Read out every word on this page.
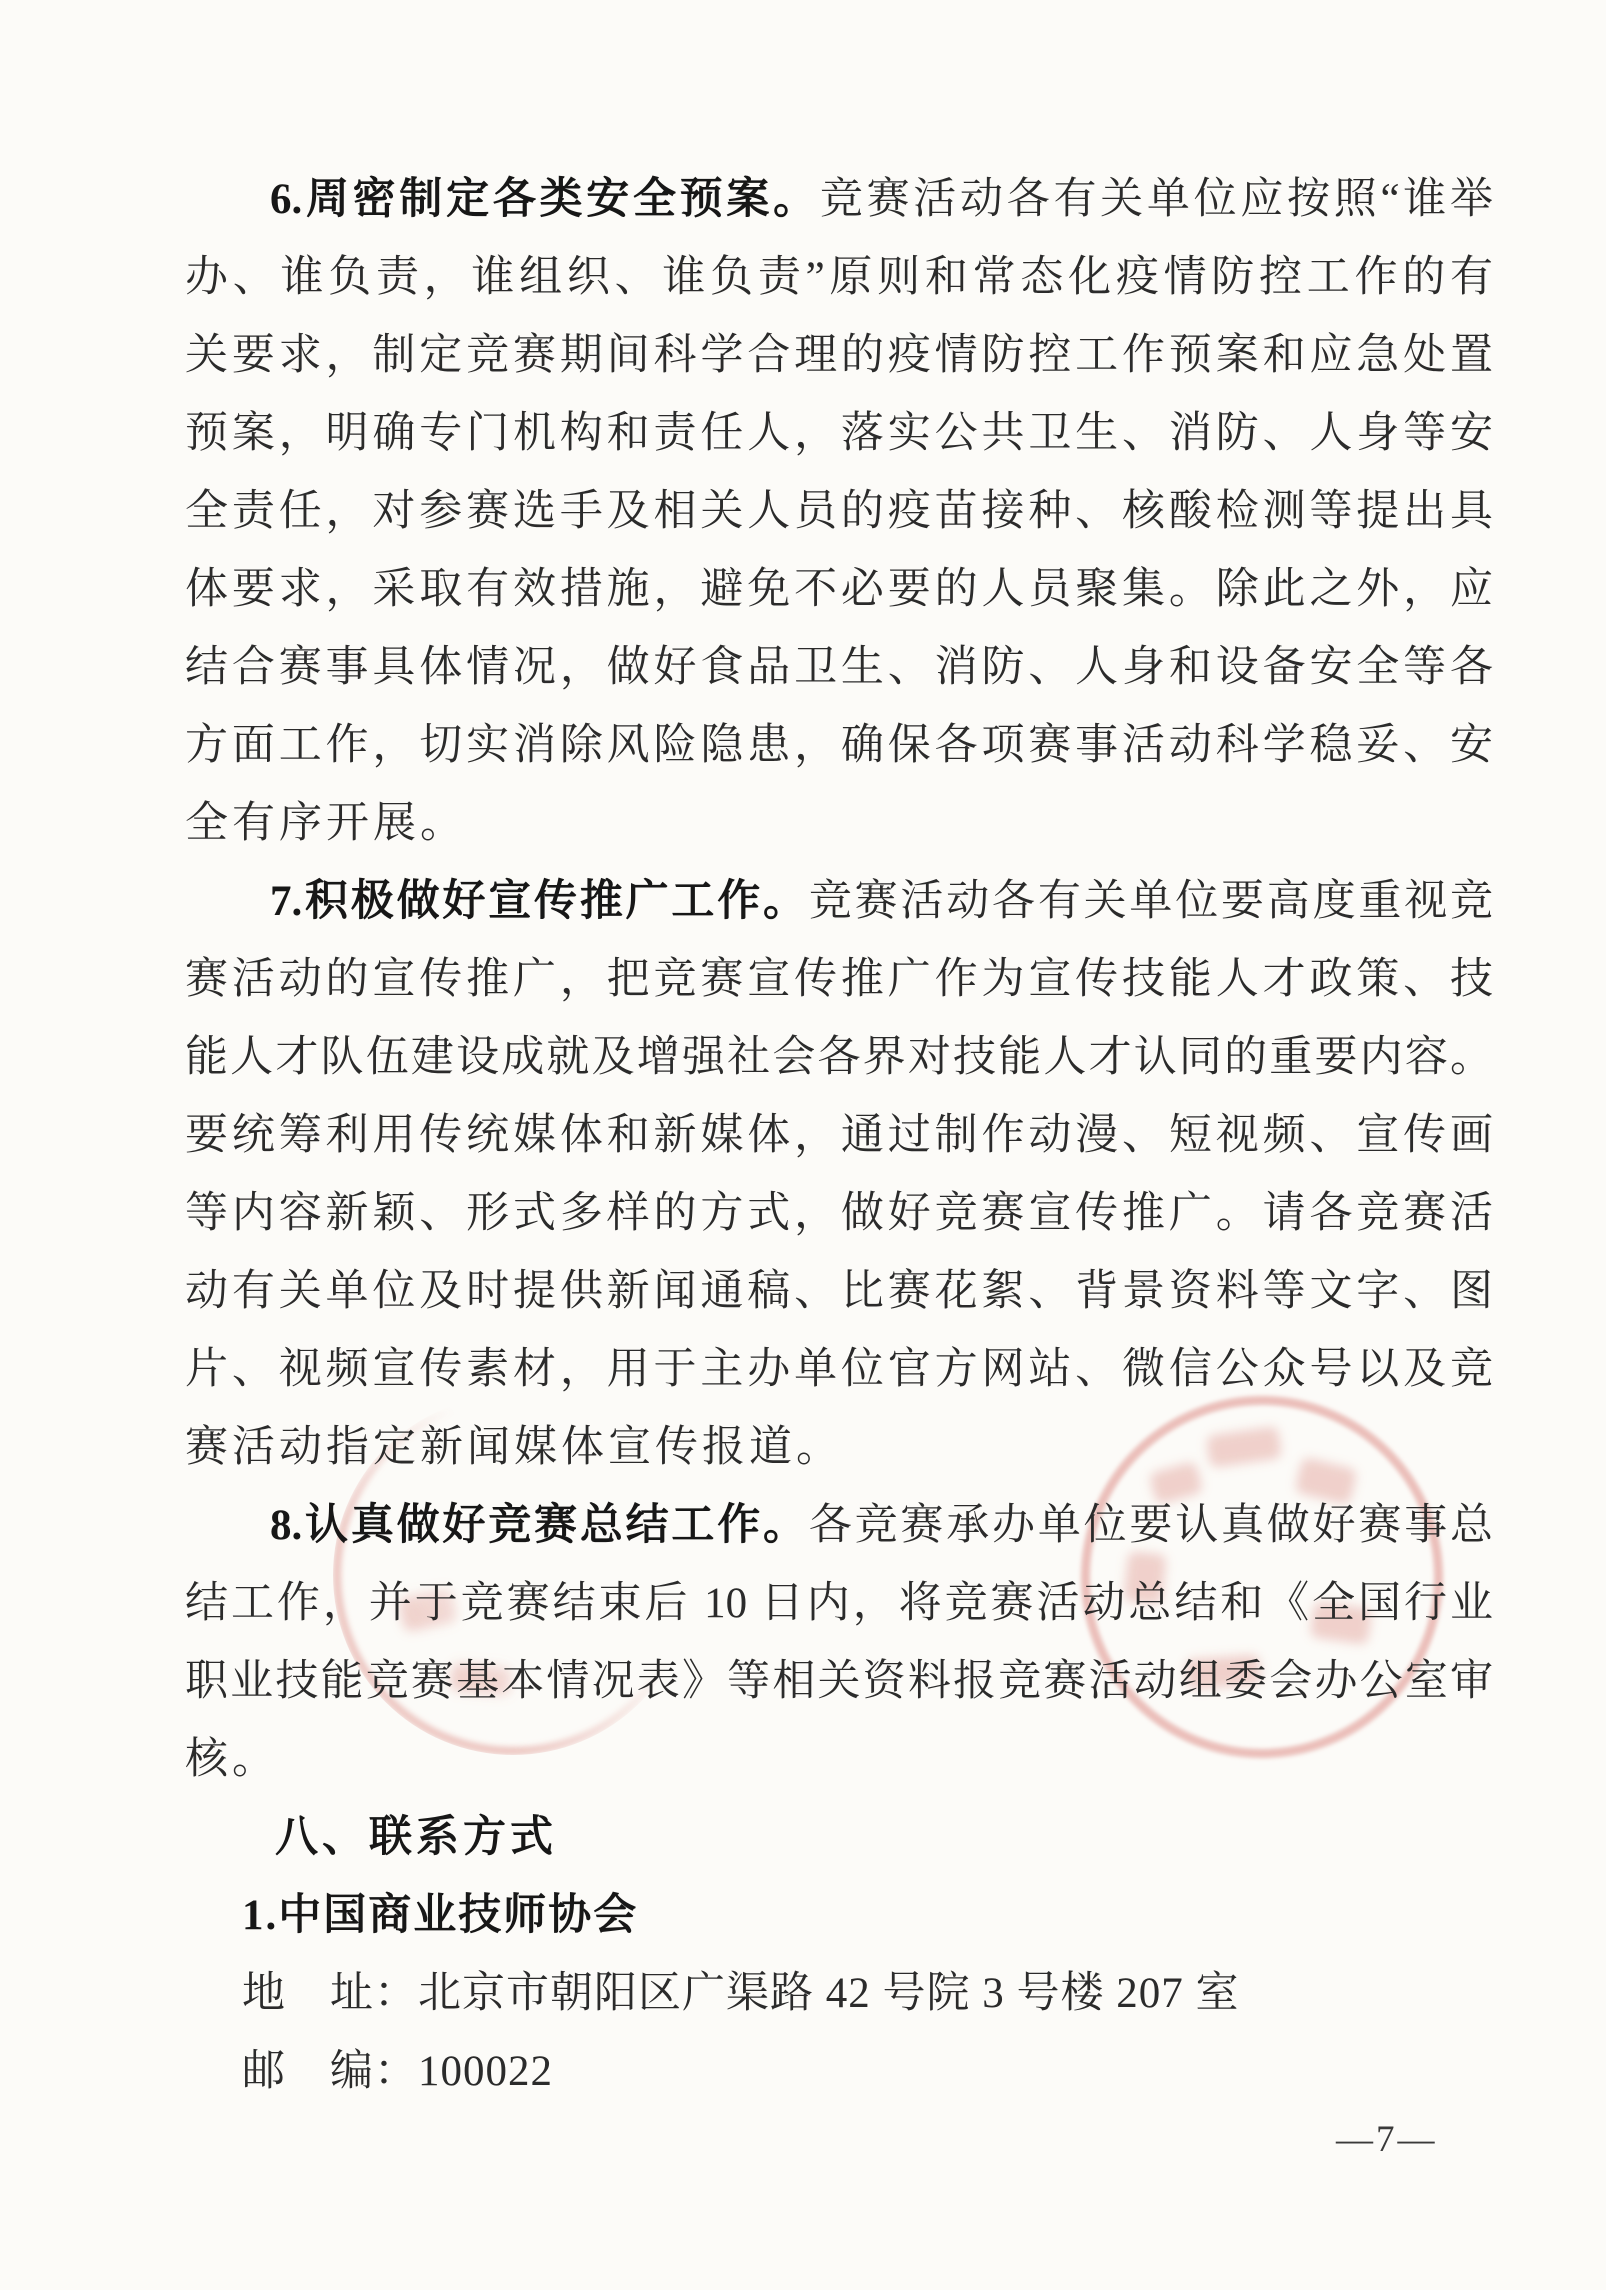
6.周密制定各类安全预案。竞赛活动各有关单位应按照“谁举
办、谁负责，谁组织、谁负责”原则和常态化疫情防控工作的有
关要求，制定竞赛期间科学合理的疫情防控工作预案和应急处置
预案，明确专门机构和责任人，落实公共卫生、消防、人身等安
全责任，对参赛选手及相关人员的疫苗接种、核酸检测等提出具
体要求，采取有效措施，避免不必要的人员聚集。除此之外，应
结合赛事具体情况，做好食品卫生、消防、人身和设备安全等各
方面工作，切实消除风险隐患，确保各项赛事活动科学稳妥、安
全有序开展。
7.积极做好宣传推广工作。竞赛活动各有关单位要高度重视竞
赛活动的宣传推广，把竞赛宣传推广作为宣传技能人才政策、技
能人才队伍建设成就及增强社会各界对技能人才认同的重要内容。
要统筹利用传统媒体和新媒体，通过制作动漫、短视频、宣传画
等内容新颖、形式多样的方式，做好竞赛宣传推广。请各竞赛活
动有关单位及时提供新闻通稿、比赛花絮、背景资料等文字、图
片、视频宣传素材，用于主办单位官方网站、微信公众号以及竞
赛活动指定新闻媒体宣传报道。
8.认真做好竞赛总结工作。各竞赛承办单位要认真做好赛事总
结工作，并于竞赛结束后 10 日内，将竞赛活动总结和《全国行业
职业技能竞赛基本情况表》等相关资料报竞赛活动组委会办公室审
核。
八、联系方式
1.中国商业技师协会
地　址：北京市朝阳区广渠路 42 号院 3 号楼 207 室
邮　编：100022
—7—
